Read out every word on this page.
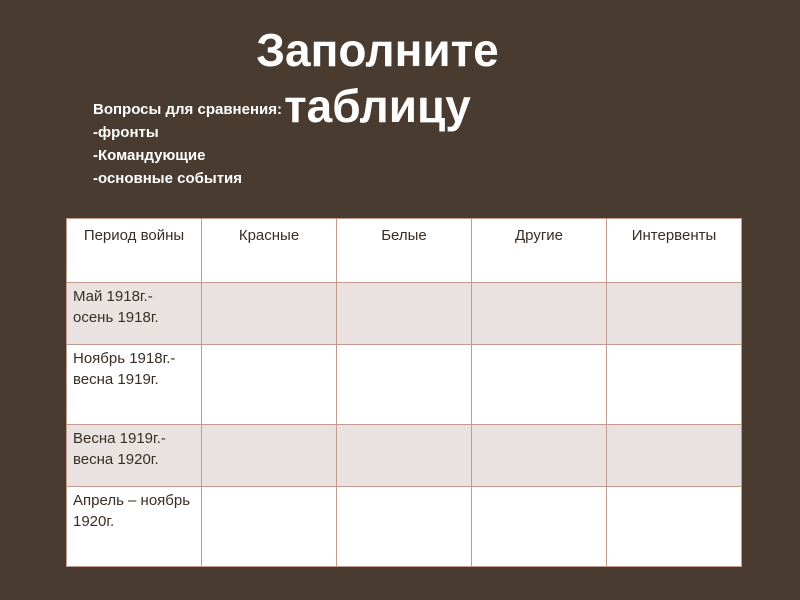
Заполните
таблицу
Вопросы для сравнения:
-фронты
-Командующие
-основные события
Период войны	Красные	Белые	Другие	Интервенты
Май 1918г.- осень 1918г.				
Ноябрь 1918г.- весна 1919г.				
Весна 1919г.- весна 1920г.				
Апрель – ноябрь 1920г.				
